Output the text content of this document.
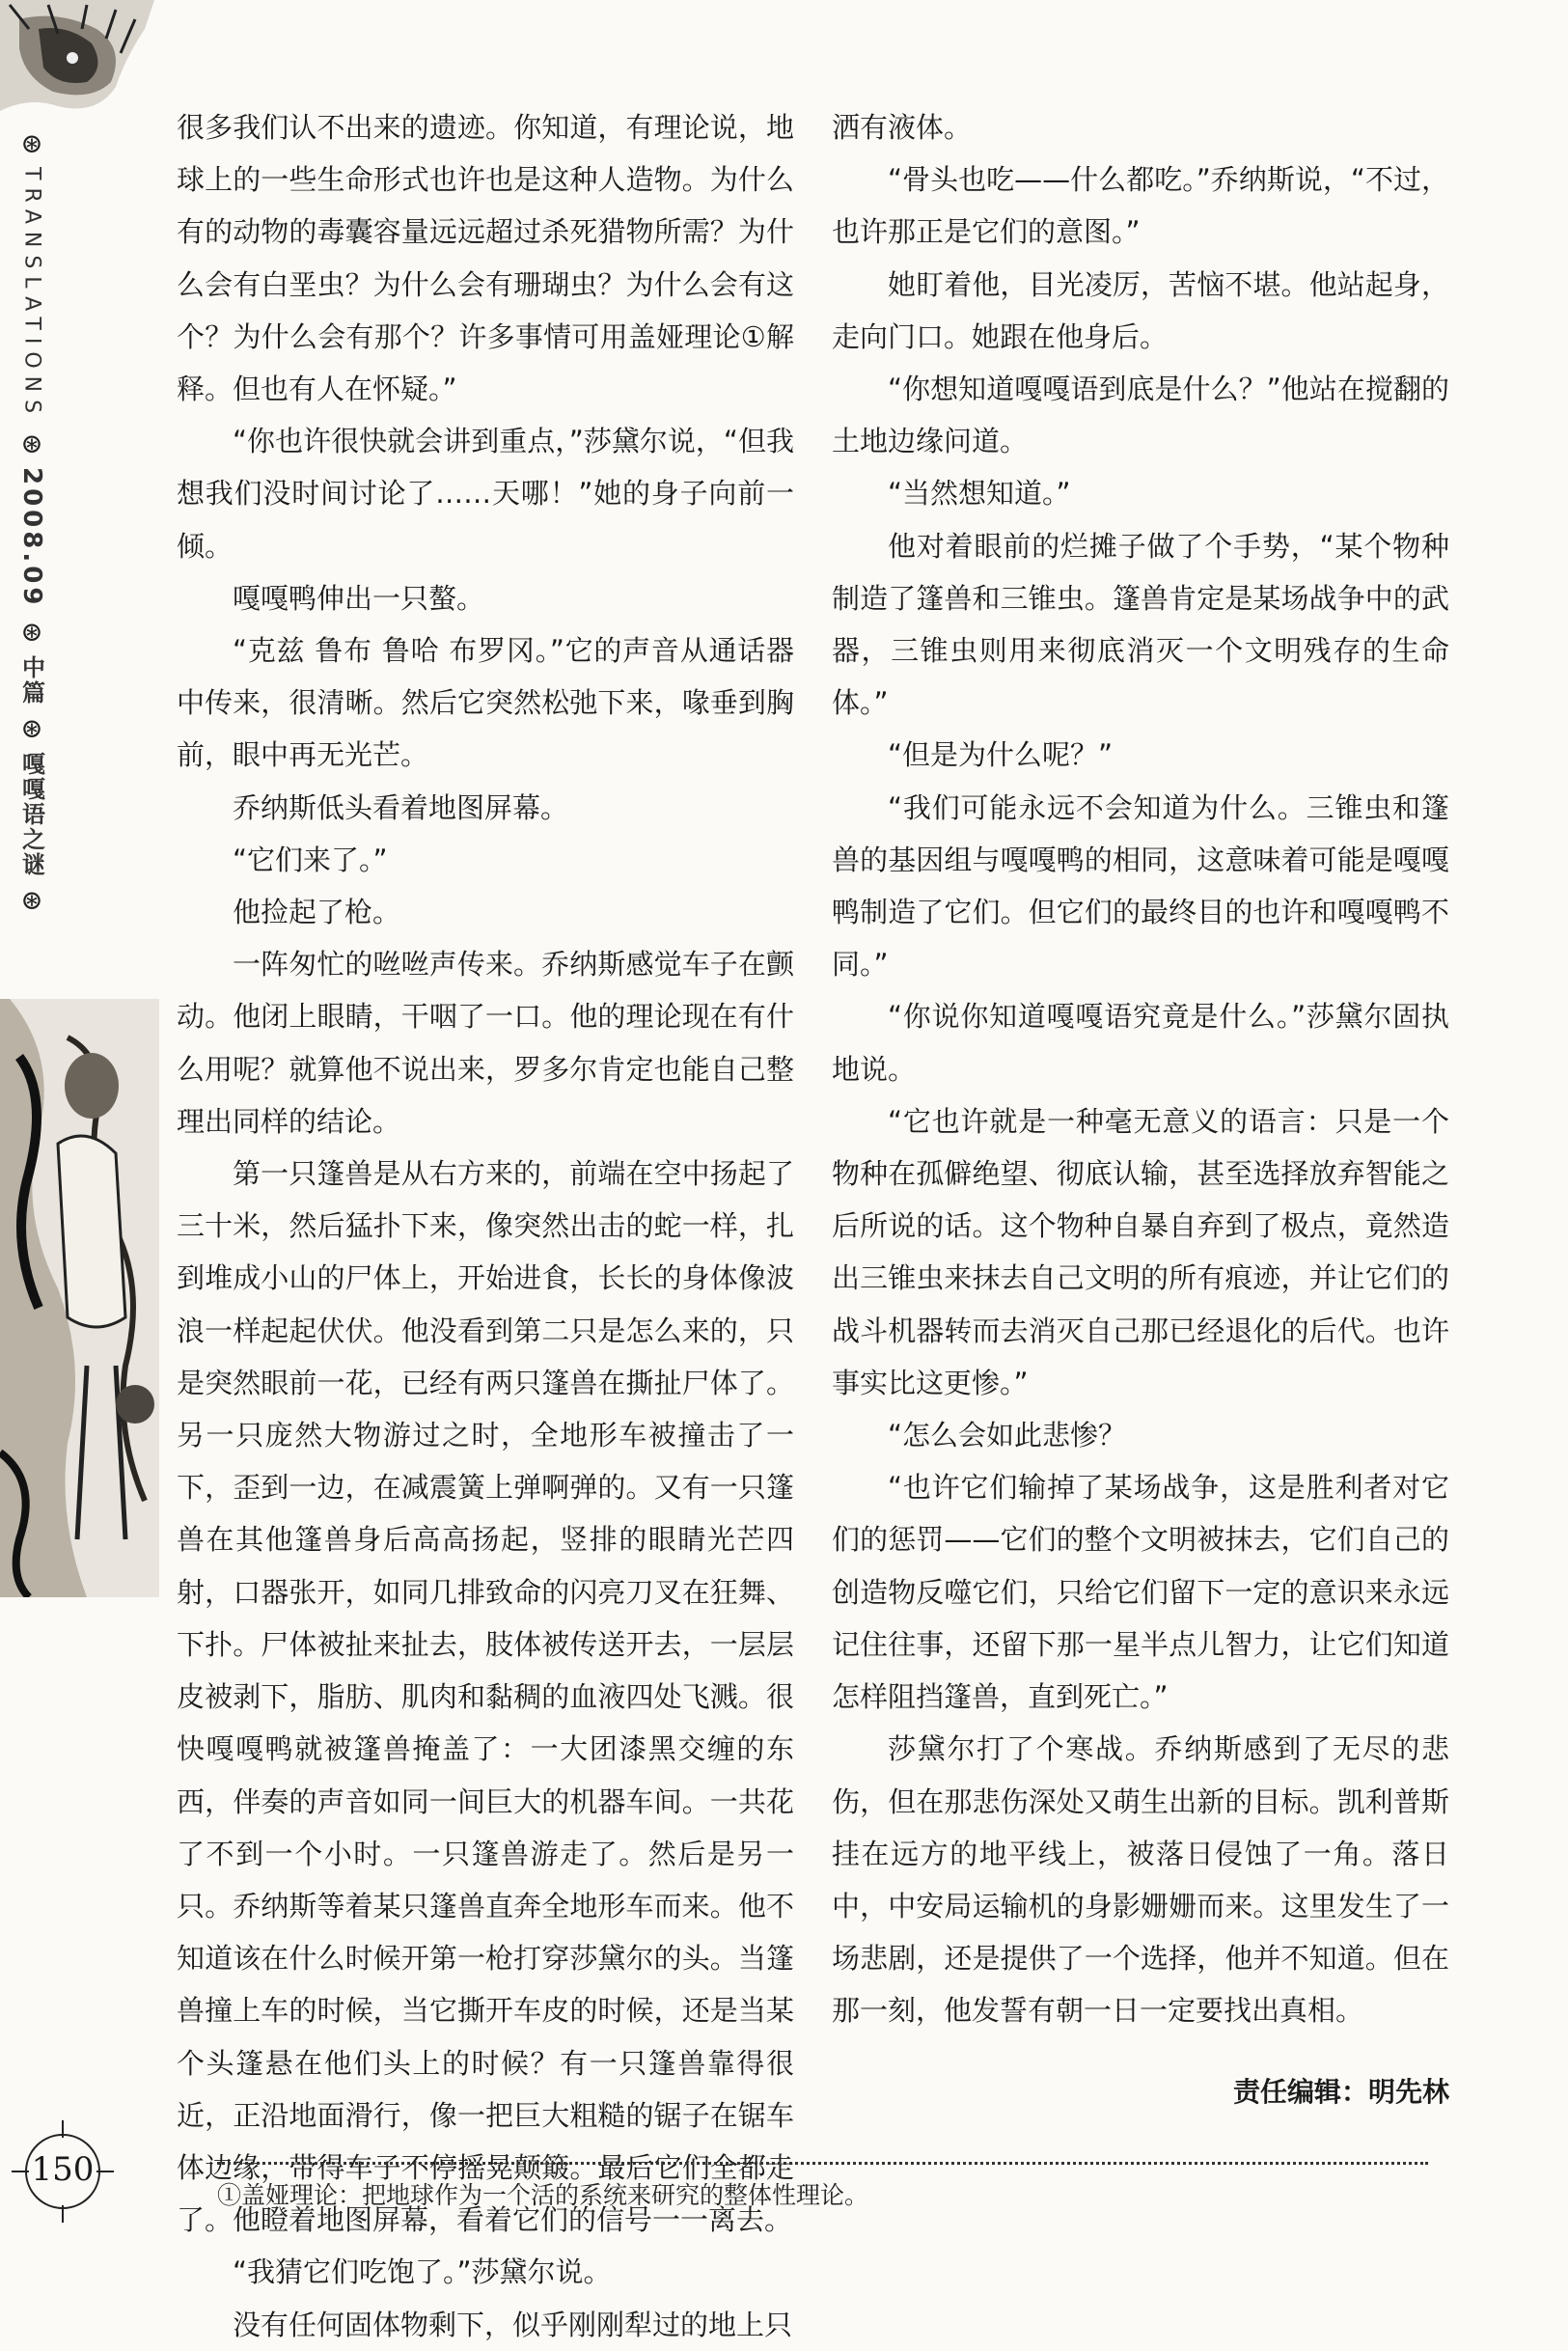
⊛
TRANSLATIONS
⊛
2008.09
⊛
中篇
⊛
嘎嘎语之谜
⊛

很多我们认不出来的遗迹。你知道，有理论说，地球上的一些生命形式也许也是这种人造物。为什么有的动物的毒囊容量远远超过杀死猎物所需？为什么会有白垩虫？为什么会有珊瑚虫？为什么会有这个？为什么会有那个？许多事情可用盖娅理论①解释。但也有人在怀疑。”

“你也许很快就会讲到重点，”莎黛尔说，“但我想我们没时间讨论了……天哪！”她的身子向前一倾。

嘎嘎鸭伸出一只螯。

“克兹 鲁布 鲁哈 布罗冈。”它的声音从通话器中传来，很清晰。然后它突然松弛下来，喙垂到胸前，眼中再无光芒。

乔纳斯低头看着地图屏幕。

“它们来了。”

他捡起了枪。

一阵匆忙的咝咝声传来。乔纳斯感觉车子在颤动。他闭上眼睛，干咽了一口。他的理论现在有什么用呢？就算他不说出来，罗多尔肯定也能自己整理出同样的结论。

第一只篷兽是从右方来的，前端在空中扬起了三十米，然后猛扑下来，像突然出击的蛇一样，扎到堆成小山的尸体上，开始进食，长长的身体像波浪一样起起伏伏。他没看到第二只是怎么来的，只是突然眼前一花，已经有两只篷兽在撕扯尸体了。另一只庞然大物游过之时，全地形车被撞击了一下，歪到一边，在减震簧上弹啊弹的。又有一只篷兽在其他篷兽身后高高扬起，竖排的眼睛光芒四射，口器张开，如同几排致命的闪亮刀叉在狂舞、下扑。尸体被扯来扯去，肢体被传送开去，一层层皮被剥下，脂肪、肌肉和黏稠的血液四处飞溅。很快嘎嘎鸭就被篷兽掩盖了：一大团漆黑交缠的东西，伴奏的声音如同一间巨大的机器车间。一共花了不到一个小时。一只篷兽游走了。然后是另一只。乔纳斯等着某只篷兽直奔全地形车而来。他不知道该在什么时候开第一枪打穿莎黛尔的头。当篷兽撞上车的时候，当它撕开车皮的时候，还是当某个头篷悬在他们头上的时候？有一只篷兽靠得很近，正沿地面滑行，像一把巨大粗糙的锯子在锯车体边缘，带得车子不停摇晃颠簸。最后它们全都走了。他瞪着地图屏幕，看着它们的信号一一离去。

“我猜它们吃饱了。”莎黛尔说。

没有任何固体物剩下，似乎刚刚犁过的地上只

洒有液体。

“骨头也吃——什么都吃。”乔纳斯说，“不过，也许那正是它们的意图。”

她盯着他，目光凌厉，苦恼不堪。他站起身，走向门口。她跟在他身后。

“你想知道嘎嘎语到底是什么？”他站在搅翻的土地边缘问道。

“当然想知道。”

他对着眼前的烂摊子做了个手势，“某个物种制造了篷兽和三锥虫。篷兽肯定是某场战争中的武器，三锥虫则用来彻底消灭一个文明残存的生命体。”

“但是为什么呢？”

“我们可能永远不会知道为什么。三锥虫和篷兽的基因组与嘎嘎鸭的相同，这意味着可能是嘎嘎鸭制造了它们。但它们的最终目的也许和嘎嘎鸭不同。”

“你说你知道嘎嘎语究竟是什么。”莎黛尔固执地说。

“它也许就是一种毫无意义的语言：只是一个物种在孤僻绝望、彻底认输，甚至选择放弃智能之后所说的话。这个物种自暴自弃到了极点，竟然造出三锥虫来抹去自己文明的所有痕迹，并让它们的战斗机器转而去消灭自己那已经退化的后代。也许事实比这更惨。”

“怎么会如此悲惨？

“也许它们输掉了某场战争，这是胜利者对它们的惩罚——它们的整个文明被抹去，它们自己的创造物反噬它们，只给它们留下一定的意识来永远记住往事，还留下那一星半点儿智力，让它们知道怎样阻挡篷兽，直到死亡。”

莎黛尔打了个寒战。乔纳斯感到了无尽的悲伤，但在那悲伤深处又萌生出新的目标。凯利普斯挂在远方的地平线上，被落日侵蚀了一角。落日中，中安局运输机的身影姗姗而来。这里发生了一场悲剧，还是提供了一个选择，他并不知道。但在那一刻，他发誓有朝一日一定要找出真相。

责任编辑：明先林

①盖娅理论：把地球作为一个活的系统来研究的整体性理论。
150
